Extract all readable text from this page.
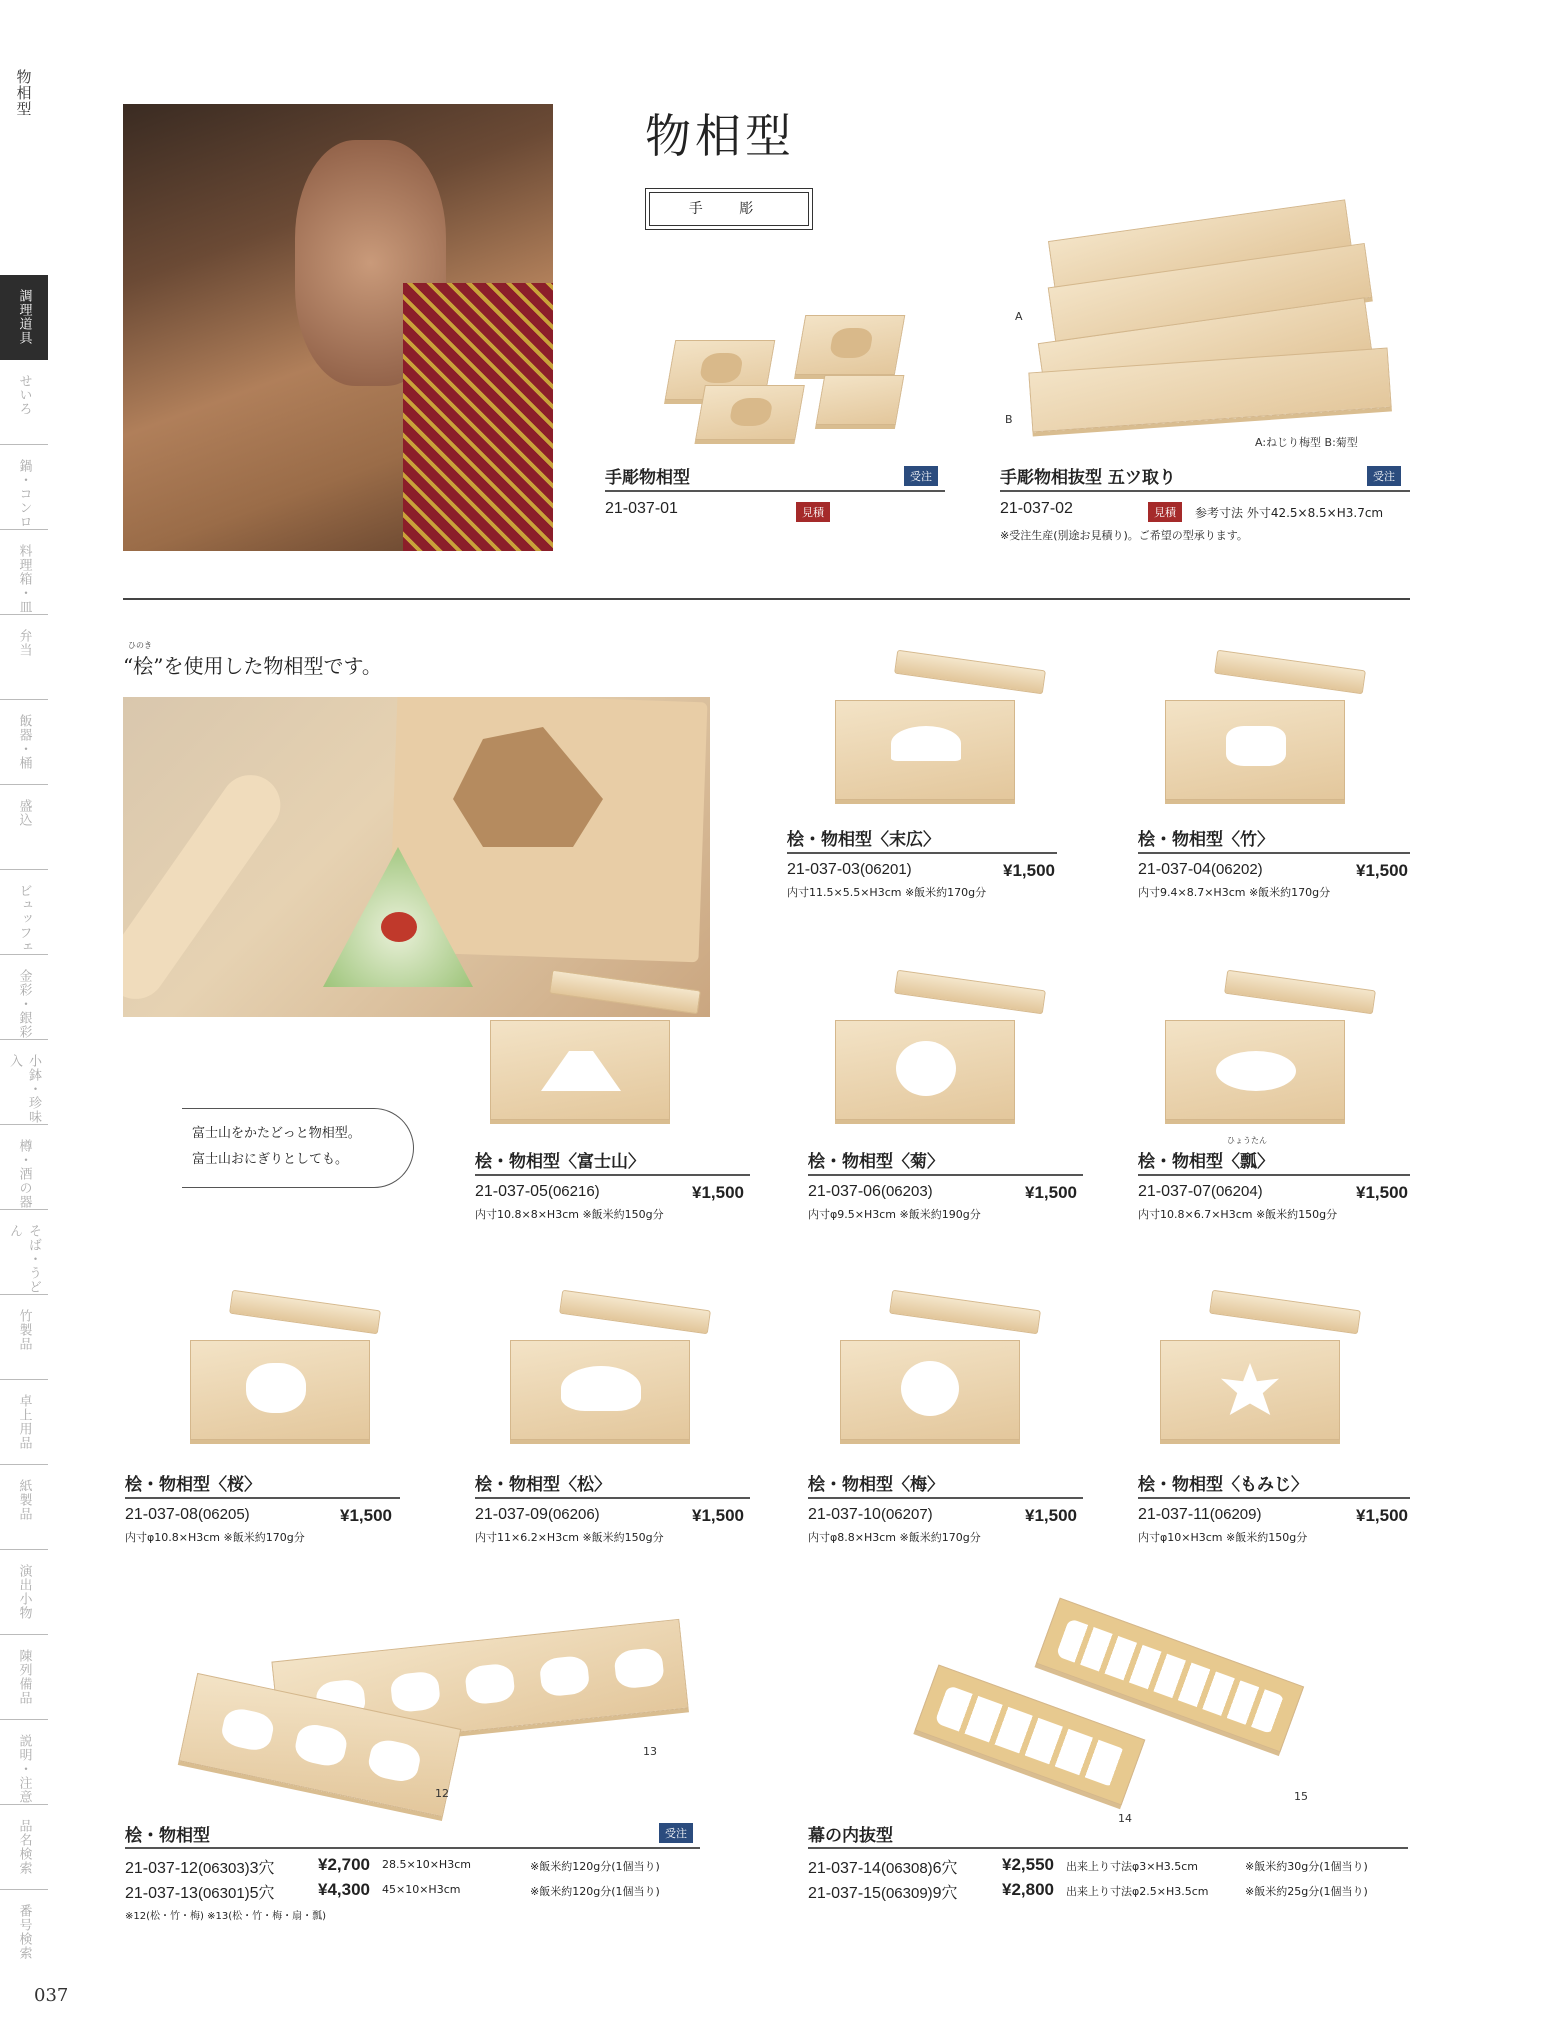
物相型
調理道具
せいろ
鍋・コンロ
料理箱・皿
弁当
飯器・桶
盛込
ビュッフェ
金彩・銀彩
小鉢・珍味入
樽・酒の器
そば・うどん
竹製品
卓上用品
紙製品
演出小物
陳列備品
説明・注意
品名検索
番号検索
037
物相型
手 彫
A
B
A:ねじり梅型 B:菊型
手彫物相型	受注
21-037-01	見積
手彫物相抜型 五ツ取り	受注
21-037-02	見積	参考寸法 外寸42.5×8.5×H3.7cm
※受注生産(別途お見積り)。ご希望の型承ります。
ひのき
“桧”を使用した物相型です。
富士山をかたどっと物相型。
富士山おにぎりとしても。
桧・物相型〈末広〉
21-037-03(06201)	¥1,500
内寸11.5×5.5×H3cm ※飯米約170g分
桧・物相型〈竹〉
21-037-04(06202)	¥1,500
内寸9.4×8.7×H3cm ※飯米約170g分
桧・物相型〈富士山〉
21-037-05(06216)	¥1,500
内寸10.8×8×H3cm ※飯米約150g分
桧・物相型〈菊〉
21-037-06(06203)	¥1,500
内寸φ9.5×H3cm ※飯米約190g分
ひょうたん
桧・物相型〈瓢〉
21-037-07(06204)	¥1,500
内寸10.8×6.7×H3cm ※飯米約150g分
桧・物相型〈桜〉
21-037-08(06205)	¥1,500
内寸φ10.8×H3cm ※飯米約170g分
桧・物相型〈松〉
21-037-09(06206)	¥1,500
内寸11×6.2×H3cm ※飯米約150g分
桧・物相型〈梅〉
21-037-10(06207)	¥1,500
内寸φ8.8×H3cm ※飯米約170g分
桧・物相型〈もみじ〉
21-037-11(06209)	¥1,500
内寸φ10×H3cm ※飯米約150g分
12
13
14
15
桧・物相型	受注
21-037-12(06303)3穴	¥2,700 28.5×10×H3cm	※飯米約120g分(1個当り)
21-037-13(06301)5穴	¥4,300 45×10×H3cm	※飯米約120g分(1個当り)
※12(松・竹・梅) ※13(松・竹・梅・扇・瓢)
幕の内抜型
21-037-14(06308)6穴	¥2,550 出来上り寸法φ3×H3.5cm	※飯米約30g分(1個当り)
21-037-15(06309)9穴	¥2,800 出来上り寸法φ2.5×H3.5cm	※飯米約25g分(1個当り)
